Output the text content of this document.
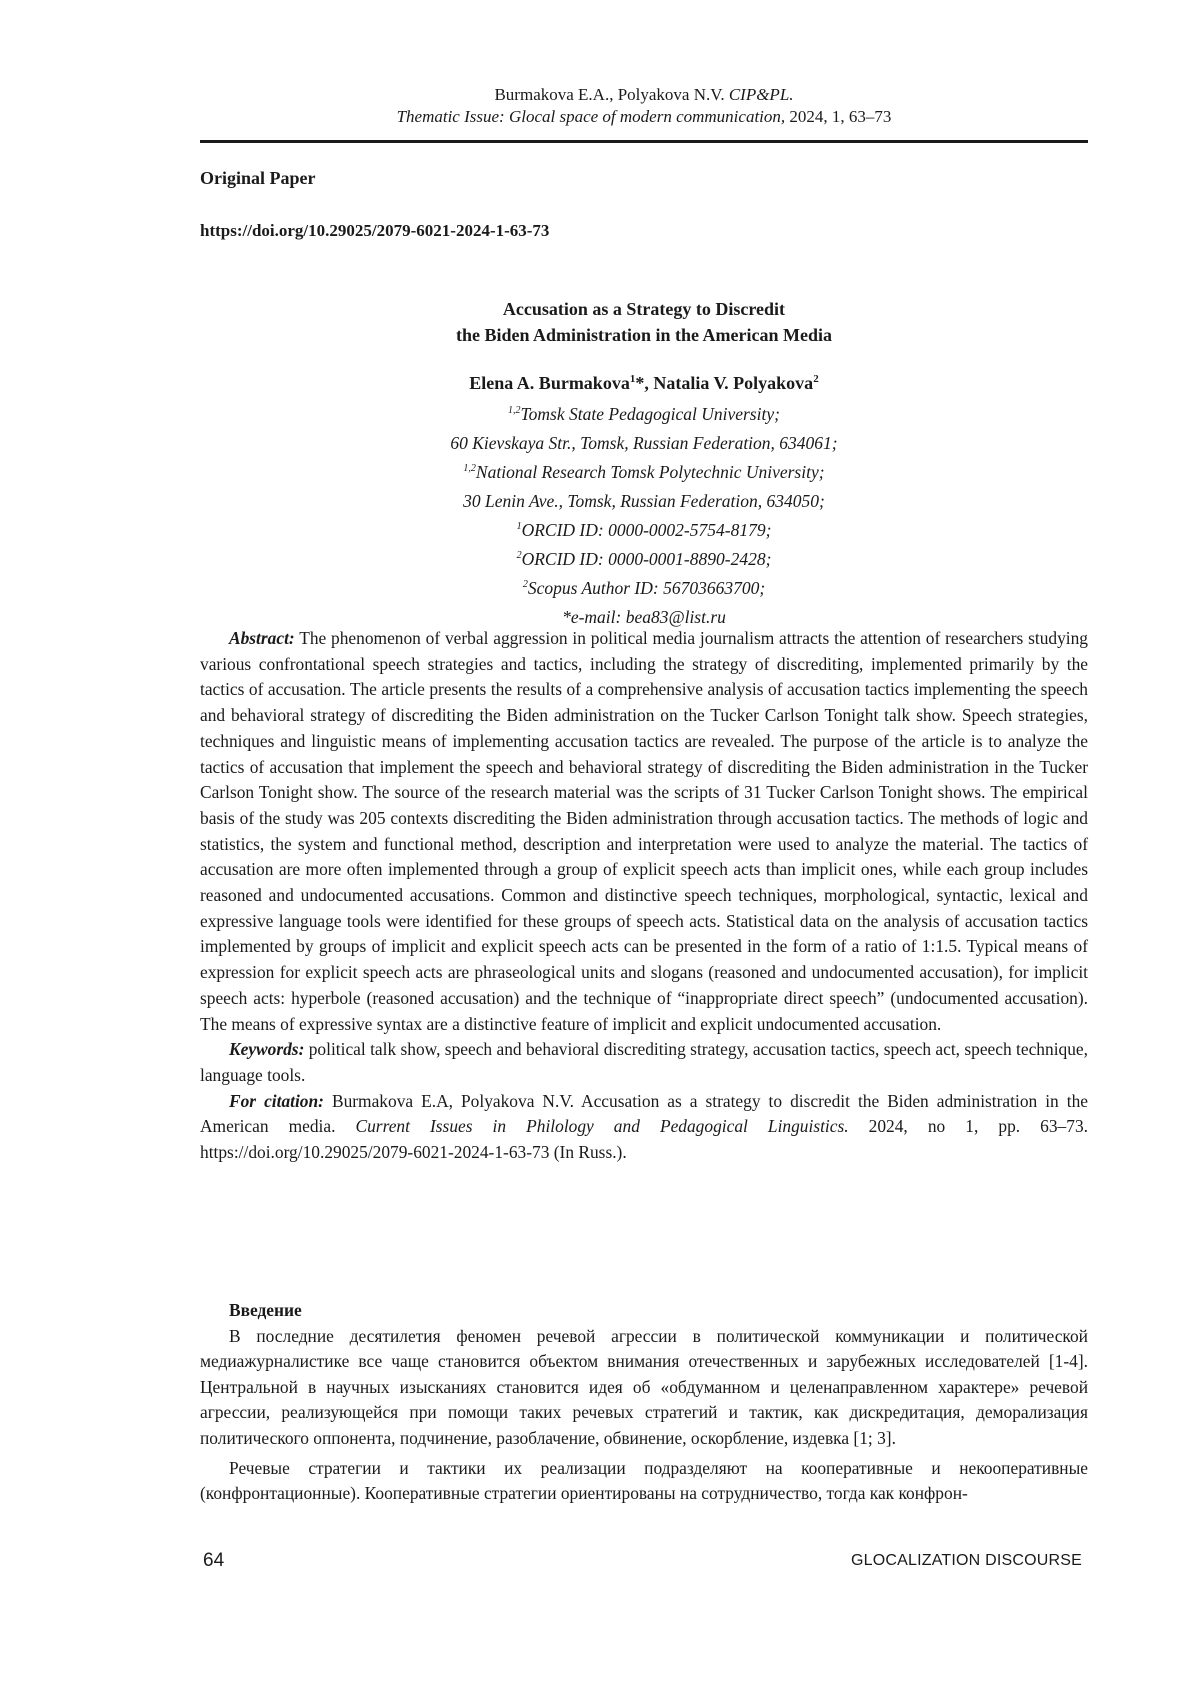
Burmakova E.A., Polyakova N.V. CIP&PL.
Thematic Issue: Glocal space of modern communication, 2024, 1, 63–73
Original Paper
https://doi.org/10.29025/2079-6021-2024-1-63-73
Accusation as a Strategy to Discredit
the Biden Administration in the American Media
Elena A. Burmakova$^1$*, Natalia V. Polyakova$^2$
$^{1,2}$Tomsk State Pedagogical University;
60 Kievskaya Str., Tomsk, Russian Federation, 634061;
$^{1,2}$National Research Tomsk Polytechnic University;
30 Lenin Ave., Tomsk, Russian Federation, 634050;
$^1$ORCID ID: 0000-0002-5754-8179;
$^2$ORCID ID: 0000-0001-8890-2428;
$^2$Scopus Author ID: 56703663700;
*e-mail: bea83@list.ru

Abstract: The phenomenon of verbal aggression in political media journalism attracts the attention of researchers studying various confrontational speech strategies and tactics, including the strategy of discrediting, implemented primarily by the tactics of accusation. The article presents the results of a comprehensive analysis of accusation tactics implementing the speech and behavioral strategy of discrediting the Biden administration on the Tucker Carlson Tonight talk show. Speech strategies, techniques and linguistic means of implementing accusation tactics are revealed. The purpose of the article is to analyze the tactics of accusation that implement the speech and behavioral strategy of discrediting the Biden administration in the Tucker Carlson Tonight show. The source of the research material was the scripts of 31 Tucker Carlson Tonight shows. The empirical basis of the study was 205 contexts discrediting the Biden administration through accusation tactics. The methods of logic and statistics, the system and functional method, description and interpretation were used to analyze the material. The tactics of accusation are more often implemented through a group of explicit speech acts than implicit ones, while each group includes reasoned and undocumented accusations. Common and distinctive speech techniques, morphological, syntactic, lexical and expressive language tools were identified for these groups of speech acts. Statistical data on the analysis of accusation tactics implemented by groups of implicit and explicit speech acts can be presented in the form of a ratio of 1:1.5. Typical means of expression for explicit speech acts are phraseological units and slogans (reasoned and undocumented accusation), for implicit speech acts: hyperbole (reasoned accusation) and the technique of “inappropriate direct speech” (undocumented accusation). The means of expressive syntax are a distinctive feature of implicit and explicit undocumented accusation.

Keywords: political talk show, speech and behavioral discrediting strategy, accusation tactics, speech act, speech technique, language tools.

For citation: Burmakova E.A, Polyakova N.V. Accusation as a strategy to discredit the Biden administration in the American media. Current Issues in Philology and Pedagogical Linguistics. 2024, no 1, pp. 63–73. https://doi.org/10.29025/2079-6021-2024-1-63-73 (In Russ.).

Введение

В последние десятилетия феномен речевой агрессии в политической коммуникации и политической медиажурналистике все чаще становится объектом внимания отечественных и зарубежных исследователей [1-4]. Центральной в научных изысканиях становится идея об «обдуманном и целенаправленном характере» речевой агрессии, реализующейся при помощи таких речевых стратегий и тактик, как дискредитация, деморализация политического оппонента, подчинение, разоблачение, обвинение, оскорбление, издевка [1; 3].

Речевые стратегии и тактики их реализации подразделяют на кооперативные и некооперативные (конфронтационные). Кооперативные стратегии ориентированы на сотрудничество, тогда как конфрон-

64	GLOCALIZATION DISCOURSE
